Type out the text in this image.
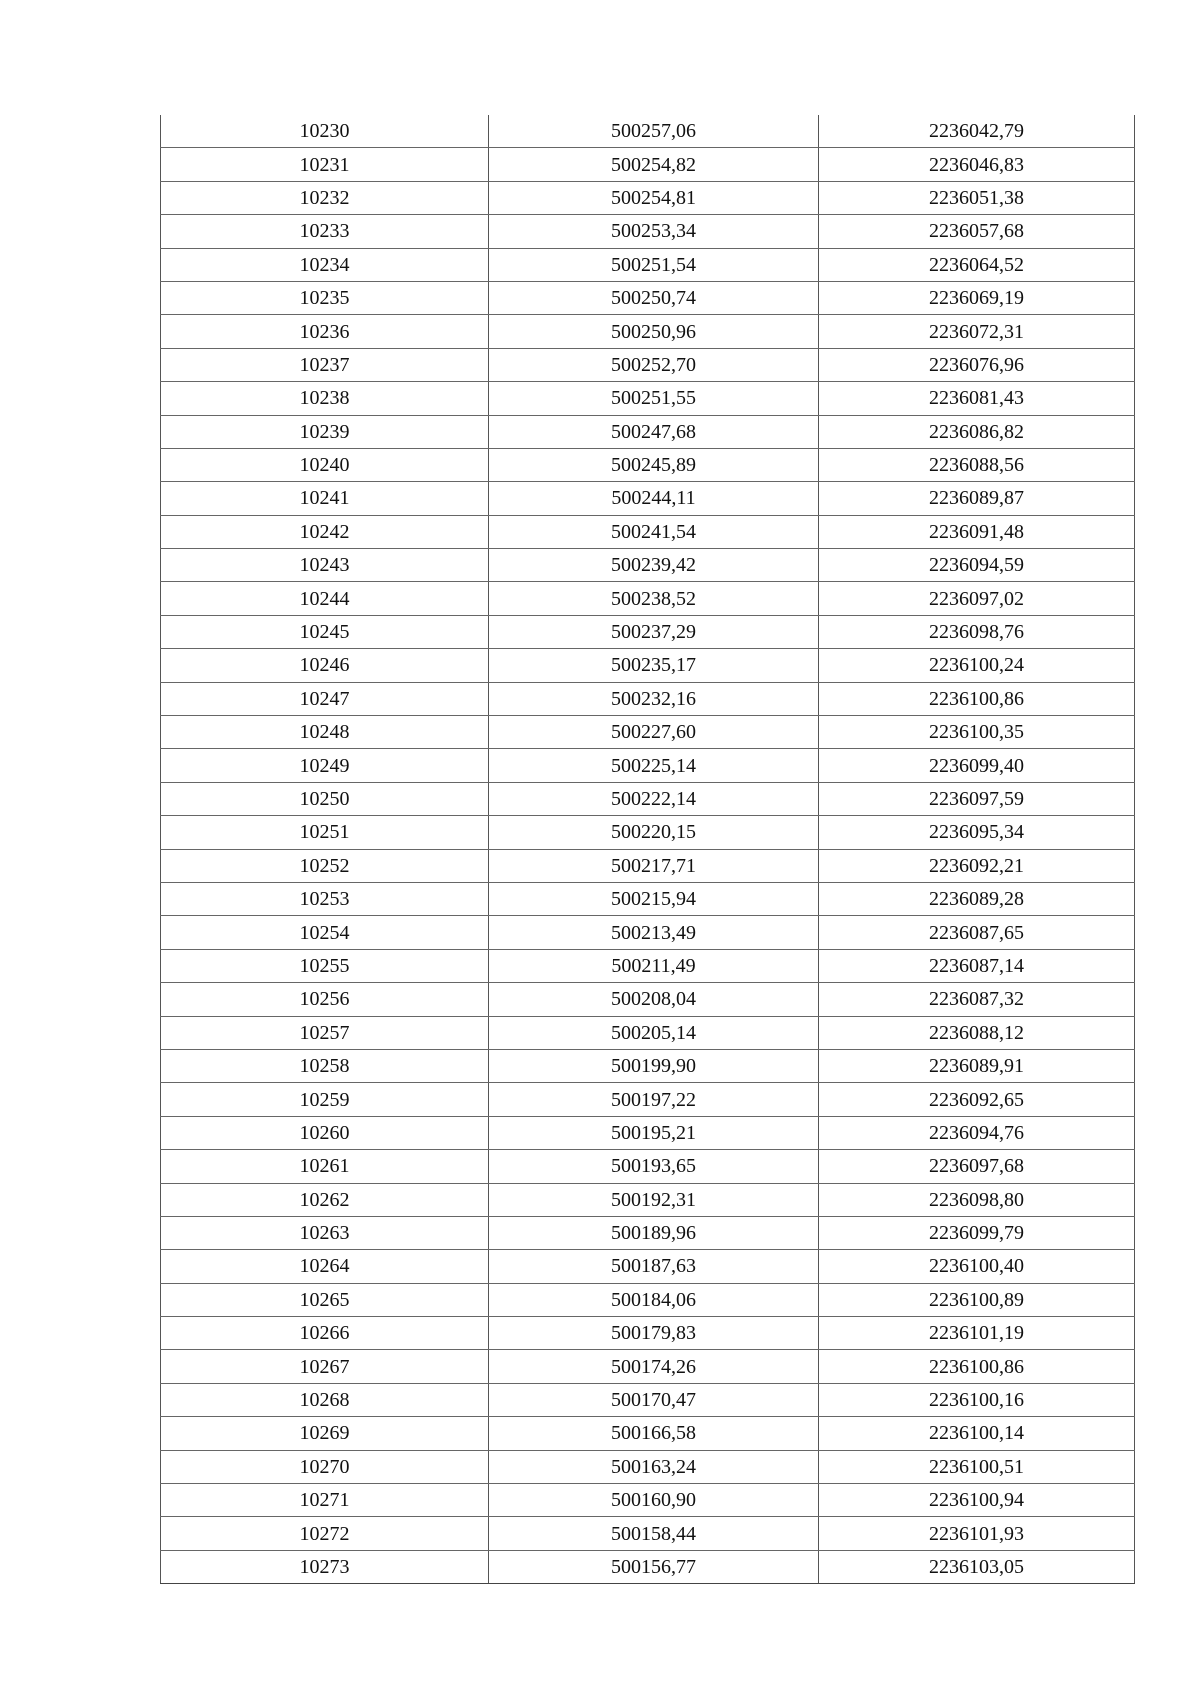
10230	500257,06	2236042,79
10231	500254,82	2236046,83
10232	500254,81	2236051,38
10233	500253,34	2236057,68
10234	500251,54	2236064,52
10235	500250,74	2236069,19
10236	500250,96	2236072,31
10237	500252,70	2236076,96
10238	500251,55	2236081,43
10239	500247,68	2236086,82
10240	500245,89	2236088,56
10241	500244,11	2236089,87
10242	500241,54	2236091,48
10243	500239,42	2236094,59
10244	500238,52	2236097,02
10245	500237,29	2236098,76
10246	500235,17	2236100,24
10247	500232,16	2236100,86
10248	500227,60	2236100,35
10249	500225,14	2236099,40
10250	500222,14	2236097,59
10251	500220,15	2236095,34
10252	500217,71	2236092,21
10253	500215,94	2236089,28
10254	500213,49	2236087,65
10255	500211,49	2236087,14
10256	500208,04	2236087,32
10257	500205,14	2236088,12
10258	500199,90	2236089,91
10259	500197,22	2236092,65
10260	500195,21	2236094,76
10261	500193,65	2236097,68
10262	500192,31	2236098,80
10263	500189,96	2236099,79
10264	500187,63	2236100,40
10265	500184,06	2236100,89
10266	500179,83	2236101,19
10267	500174,26	2236100,86
10268	500170,47	2236100,16
10269	500166,58	2236100,14
10270	500163,24	2236100,51
10271	500160,90	2236100,94
10272	500158,44	2236101,93
10273	500156,77	2236103,05
